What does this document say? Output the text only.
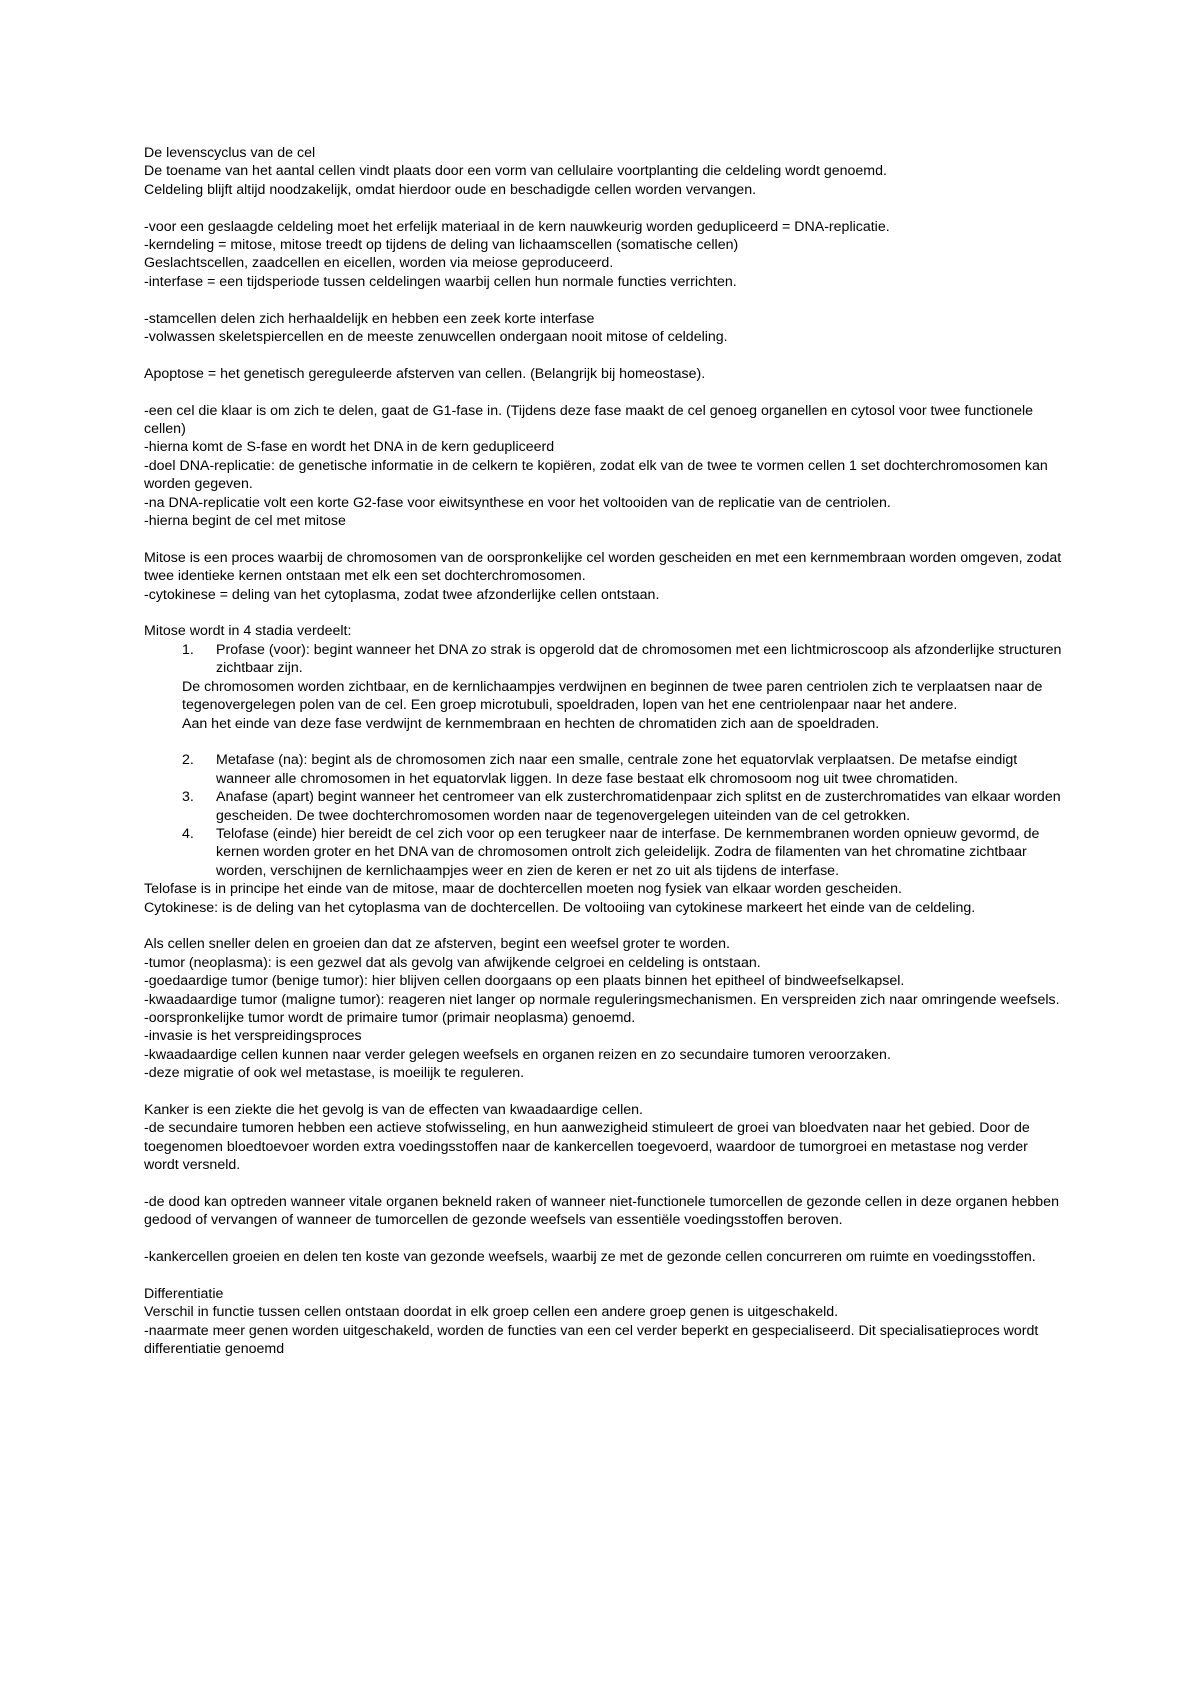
De levenscyclus van de cel

De toename van het aantal cellen vindt plaats door een vorm van cellulaire voortplanting die celdeling wordt genoemd.

Celdeling blijft altijd noodzakelijk, omdat hierdoor oude en beschadigde cellen worden vervangen.

-voor een geslaagde celdeling moet het erfelijk materiaal in de kern nauwkeurig worden gedupliceerd = DNA-replicatie.

-kerndeling = mitose, mitose treedt op tijdens de deling van lichaamscellen (somatische cellen)

Geslachtscellen, zaadcellen en eicellen, worden via meiose geproduceerd.

-interfase = een tijdsperiode tussen celdelingen waarbij cellen hun normale functies verrichten.

-stamcellen delen zich herhaaldelijk en hebben een zeek korte interfase

-volwassen skeletspiercellen en de meeste zenuwcellen ondergaan nooit mitose of celdeling.

Apoptose = het genetisch gereguleerde afsterven van cellen. (Belangrijk bij homeostase).

-een cel die klaar is om zich te delen, gaat de G1-fase in. (Tijdens deze fase maakt de cel genoeg organellen en cytosol voor twee functionele cellen)

-hierna komt de S-fase en wordt het DNA in de kern gedupliceerd

-doel DNA-replicatie: de genetische informatie in de celkern te kopiëren, zodat elk van de twee te vormen cellen 1 set dochterchromosomen kan worden gegeven.

-na DNA-replicatie volt een korte G2-fase voor eiwitsynthese en voor het voltooiden van de replicatie van de centriolen.

-hierna begint de cel met mitose

Mitose is een proces waarbij de chromosomen van de oorspronkelijke cel worden gescheiden en met een kernmembraan worden omgeven, zodat twee identieke kernen ontstaan met elk een set dochterchromosomen.

-cytokinese = deling van het cytoplasma, zodat twee afzonderlijke cellen ontstaan.

Mitose wordt in 4 stadia verdeelt:

1. Profase (voor): begint wanneer het DNA zo strak is opgerold dat de chromosomen met een lichtmicroscoop als afzonderlijke structuren zichtbaar zijn.

De chromosomen worden zichtbaar, en de kernlichaampjes verdwijnen en beginnen de twee paren centriolen zich te verplaatsen naar de tegenovergelegen polen van de cel. Een groep microtubuli, spoeldraden, lopen van het ene centriolenpaar naar het andere.

Aan het einde van deze fase verdwijnt de kernmembraan en hechten de chromatiden zich aan de spoeldraden.

2. Metafase (na): begint als de chromosomen zich naar een smalle, centrale zone het equatorvlak verplaatsen. De metafse eindigt wanneer alle chromosomen in het equatorvlak liggen. In deze fase bestaat elk chromosoom nog uit twee chromatiden.
3. Anafase (apart) begint wanneer het centromeer van elk zusterchromatidenpaar zich splitst en de zusterchromatides van elkaar worden gescheiden. De twee dochterchromosomen worden naar de tegenovergelegen uiteinden van de cel getrokken.
4. Telofase (einde) hier bereidt de cel zich voor op een terugkeer naar de interfase. De kernmembranen worden opnieuw gevormd, de kernen worden groter en het DNA van de chromosomen ontrolt zich geleidelijk. Zodra de filamenten van het chromatine zichtbaar worden, verschijnen de kernlichaampjes weer en zien de keren er net zo uit als tijdens de interfase.

Telofase is in principe het einde van de mitose, maar de dochtercellen moeten nog fysiek van elkaar worden gescheiden.

Cytokinese: is de deling van het cytoplasma van de dochtercellen. De voltooiing van cytokinese markeert het einde van de celdeling.

Als cellen sneller delen en groeien dan dat ze afsterven, begint een weefsel groter te worden.

-tumor (neoplasma): is een gezwel dat als gevolg van afwijkende celgroei en celdeling is ontstaan.

-goedaardige tumor (benige tumor): hier blijven cellen doorgaans op een plaats binnen het epitheel of bindweefselkapsel.

-kwaadaardige tumor (maligne tumor): reageren niet langer op normale reguleringsmechanismen. En verspreiden zich naar omringende weefsels.

-oorspronkelijke tumor wordt de primaire tumor (primair neoplasma) genoemd.

-invasie is het verspreidingsproces

-kwaadaardige cellen kunnen naar verder gelegen weefsels en organen reizen en zo secundaire tumoren veroorzaken.

-deze migratie of ook wel metastase, is moeilijk te reguleren.

Kanker is een ziekte die het gevolg is van de effecten van kwaadaardige cellen.

-de secundaire tumoren hebben een actieve stofwisseling, en hun aanwezigheid stimuleert de groei van bloedvaten naar het gebied. Door de toegenomen bloedtoevoer worden extra voedingsstoffen naar de kankercellen toegevoerd, waardoor de tumorgroei en metastase nog verder wordt versneld.

-de dood kan optreden wanneer vitale organen bekneld raken of wanneer niet-functionele tumorcellen de gezonde cellen in deze organen hebben gedood of vervangen of wanneer de tumorcellen de gezonde weefsels van essentiële voedingsstoffen beroven.

-kankercellen groeien en delen ten koste van gezonde weefsels, waarbij ze met de gezonde cellen concurreren om ruimte en voedingsstoffen.

Differentiatie

Verschil in functie tussen cellen ontstaan doordat in elk groep cellen een andere groep genen is uitgeschakeld.

-naarmate meer genen worden uitgeschakeld, worden de functies van een cel verder beperkt en gespecialiseerd. Dit specialisatieproces wordt differentiatie genoemd
